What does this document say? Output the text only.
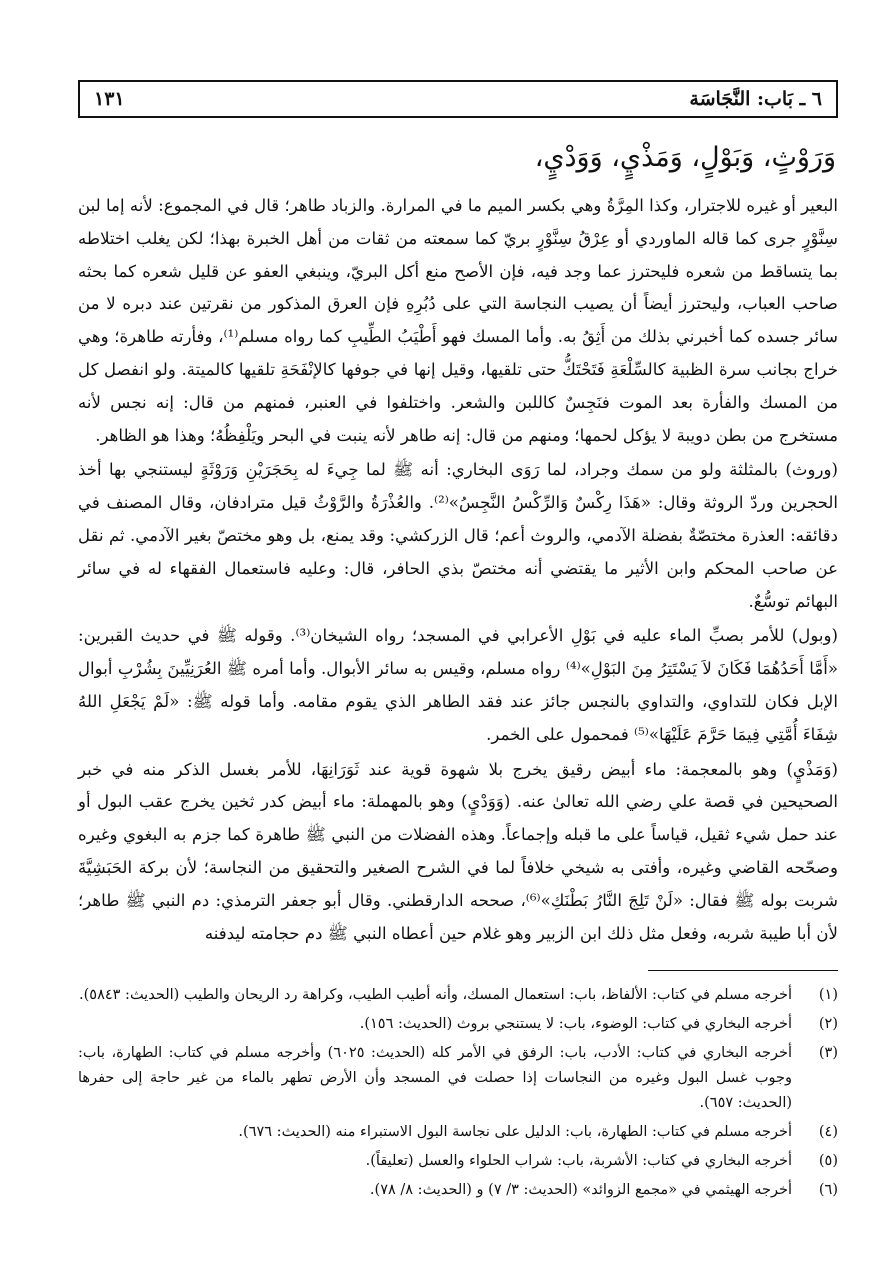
٦ ـ بَاب: النَّجَاسَة
١٣١
وَرَوْثٍ، وَبَوْلٍ، وَمَذْيٍ، وَوَدْيٍ،

البعير أو غيره للاجترار، وكذا المِرَّةُ وهي بكسر الميم ما في المرارة. والزباد طاهر؛ قال في المجموع: لأنه إما لبن سِنَّوْرٍ جرى كما قاله الماوردي أو عِرْقُ سِنَّوْرٍ بريّ كما سمعته من ثقات من أهل الخبرة بهذا؛ لكن يغلب اختلاطه بما يتساقط من شعره فليحترز عما وجد فيه، فإن الأصح منع أكل البريّ، وينبغي العفو عن قليل شعره كما بحثه صاحب العباب، وليحترز أيضاً أن يصيب النجاسة التي على دُبُرِهِ فإن العرق المذكور من نقرتين عند دبره لا من سائر جسده كما أخبرني بذلك من أَثِقُ به. وأما المسك فهو أَطْيَبُ الطِّيبِ كما رواه مسلم⁽¹⁾، وفأرته طاهرة؛ وهي خراج بجانب سرة الظبية كالسِّلْعَةِ فَتَحْتَكُّ حتى تلقيها، وقيل إنها في جوفها كالإنْفَحَةِ تلقيها كالميتة. ولو انفصل كل من المسك والفأرة بعد الموت فنَجِسٌ كاللبن والشعر. واختلفوا في العنبر، فمنهم من قال: إنه نجس لأنه مستخرج من بطن دويبة لا يؤكل لحمها؛ ومنهم من قال: إنه طاهر لأنه ينبت في البحر ويَلْفِظُهُ؛ وهذا هو الظاهر.

(وروث) بالمثلثة ولو من سمك وجراد، لما رَوَى البخاري: أنه ﷺ لما جِيءَ له بِحَجَرَيْنِ وَرَوْثَةٍ ليستنجي بها أخذ الحجرين وردّ الروثة وقال: «هَذَا رِكْسٌ وَالرِّكْسُ النَّجِسُ»⁽²⁾. والعُذْرَةُ والرَّوْثُ قيل مترادفان، وقال المصنف في دقائقه: العذرة مختصّةٌ بفضلة الآدمي، والروث أعم؛ قال الزركشي: وقد يمنع، بل وهو مختصّ بغير الآدمي. ثم نقل عن صاحب المحكم وابن الأثير ما يقتضي أنه مختصّ بذي الحافر، قال: وعليه فاستعمال الفقهاء له في سائر البهائم توسُّعٌ.

(وبول) للأمر بصبِّ الماء عليه في بَوْلِ الأعرابي في المسجد؛ رواه الشيخان⁽³⁾. وقوله ﷺ في حديث القبرين: «أَمَّا أَحَدُهُمَا فَكَانَ لاَ يَسْتَتِرُ مِنَ البَوْلِ»⁽⁴⁾ رواه مسلم، وقيس به سائر الأبوال. وأما أمره ﷺ العُرَنِيِّينَ بِشُرْبِ أبوال الإبل فكان للتداوي، والتداوي بالنجس جائز عند فقد الطاهر الذي يقوم مقامه. وأما قوله ﷺ: «لَمْ يَجْعَلِ اللهُ شِفَاءَ أُمَّتِي فِيمَا حَرَّمَ عَلَيْهَا»⁽⁵⁾ فمحمول على الخمر.

(وَمَذْيٍ) وهو بالمعجمة: ماء أبيض رقيق يخرج بلا شهوة قوية عند ثَوَرَانِهَا، للأمر بغسل الذكر منه في خبر الصحيحين في قصة علي رضي الله تعالىٰ عنه. (وَوَدْيٍ) وهو بالمهملة: ماء أبيض كدر ثخين يخرج عقب البول أو عند حمل شيء ثقيل، قياساً على ما قبله وإجماعاً. وهذه الفضلات من النبي ﷺ طاهرة كما جزم به البغوي وغيره وصحّحه القاضي وغيره، وأفتى به شيخي خلافاً لما في الشرح الصغير والتحقيق من النجاسة؛ لأن بركة الحَبَشِيَّةَ شربت بوله ﷺ فقال: «لَنْ تَلِجَ النَّارُ بَطْنَكِ»⁽⁶⁾، صححه الدارقطني. وقال أبو جعفر الترمذي: دم النبي ﷺ طاهر؛ لأن أبا طيبة شربه، وفعل مثل ذلك ابن الزبير وهو غلام حين أعطاه النبي ﷺ دم حجامته ليدفنه

(١)
أخرجه مسلم في كتاب: الألفاظ، باب: استعمال المسك، وأنه أطيب الطيب، وكراهة رد الريحان والطيب (الحديث: ٥٨٤٣).
(٢)
أخرجه البخاري في كتاب: الوضوء، باب: لا يستنجي بروث (الحديث: ١٥٦).
(٣)
أخرجه البخاري في كتاب: الأدب، باب: الرفق في الأمر كله (الحديث: ٦٠٢٥) وأخرجه مسلم في كتاب: الطهارة، باب: وجوب غسل البول وغيره من النجاسات إذا حصلت في المسجد وأن الأرض تطهر بالماء من غير حاجة إلى حفرها (الحديث: ٦٥٧).
(٤)
أخرجه مسلم في كتاب: الطهارة، باب: الدليل على نجاسة البول الاستبراء منه (الحديث: ٦٧٦).
(٥)
أخرجه البخاري في كتاب: الأشربة، باب: شراب الحلواء والعسل (تعليقاً).
(٦)
أخرجه الهيثمي في «مجمع الزوائد» (الحديث: ٣/ ٧) و (الحديث: ٨/ ٧٨).
